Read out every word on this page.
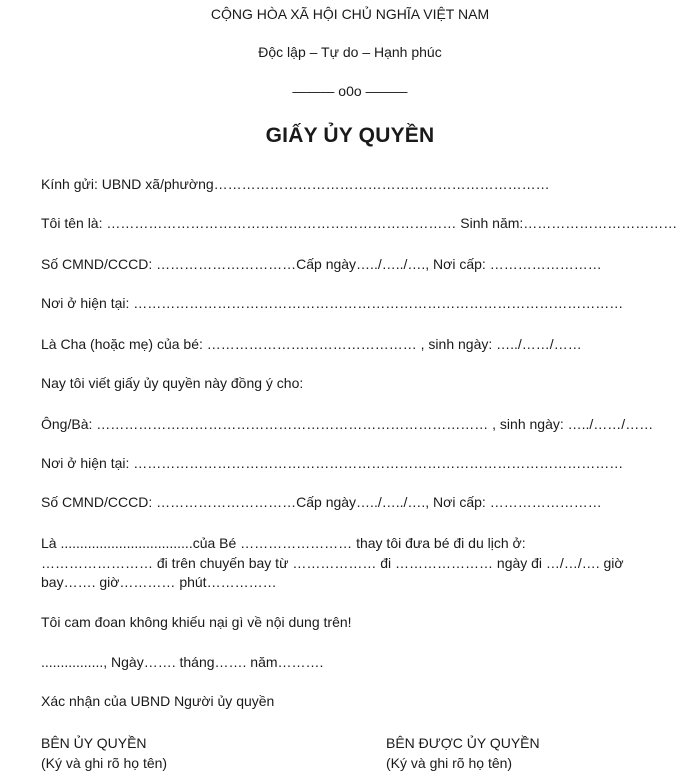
CỘNG HÒA XÃ HỘI CHỦ NGHĨA VIỆT NAM
Độc lập – Tự do – Hạnh phúc
——— o0o ———
GIẤY ỦY QUYỀN
Kính gửi: UBND xã/phường………………………………………………………………
Tôi tên là: ………………………………………………………………… Sinh năm:……………………………
Số CMND/CCCD: …………………………Cấp ngày…../…../…., Nơi cấp: ……………………
Nơi ở hiện tại: ……………………………………………………………………………………………
Là Cha (hoặc mẹ) của bé: ……………………………………… , sinh ngày: …../……/……
Nay tôi viết giấy ủy quyền này đồng ý cho:
Ông/Bà: ………………………………………………………………………… , sinh ngày: …../……/……
Nơi ở hiện tại: ……………………………………………………………………………………………
Số CMND/CCCD: …………………………Cấp ngày…../…../…., Nơi cấp: ……………………
Là ..................................của Bé …………………… thay tôi đưa bé đi du lịch ở:
…………………… đi trên chuyến bay từ ……………… đi ………………… ngày đi …/…/…. giờ
bay……. giờ………… phút……………
Tôi cam đoan không khiếu nại gì về nội dung trên!
................, Ngày……. tháng……. năm……….
Xác nhận của UBND Người ủy quyền
BÊN ỦY QUYỀN
(Ký và ghi rõ họ tên)
BÊN ĐƯỢC ỦY QUYỀN
(Ký và ghi rõ họ tên)
